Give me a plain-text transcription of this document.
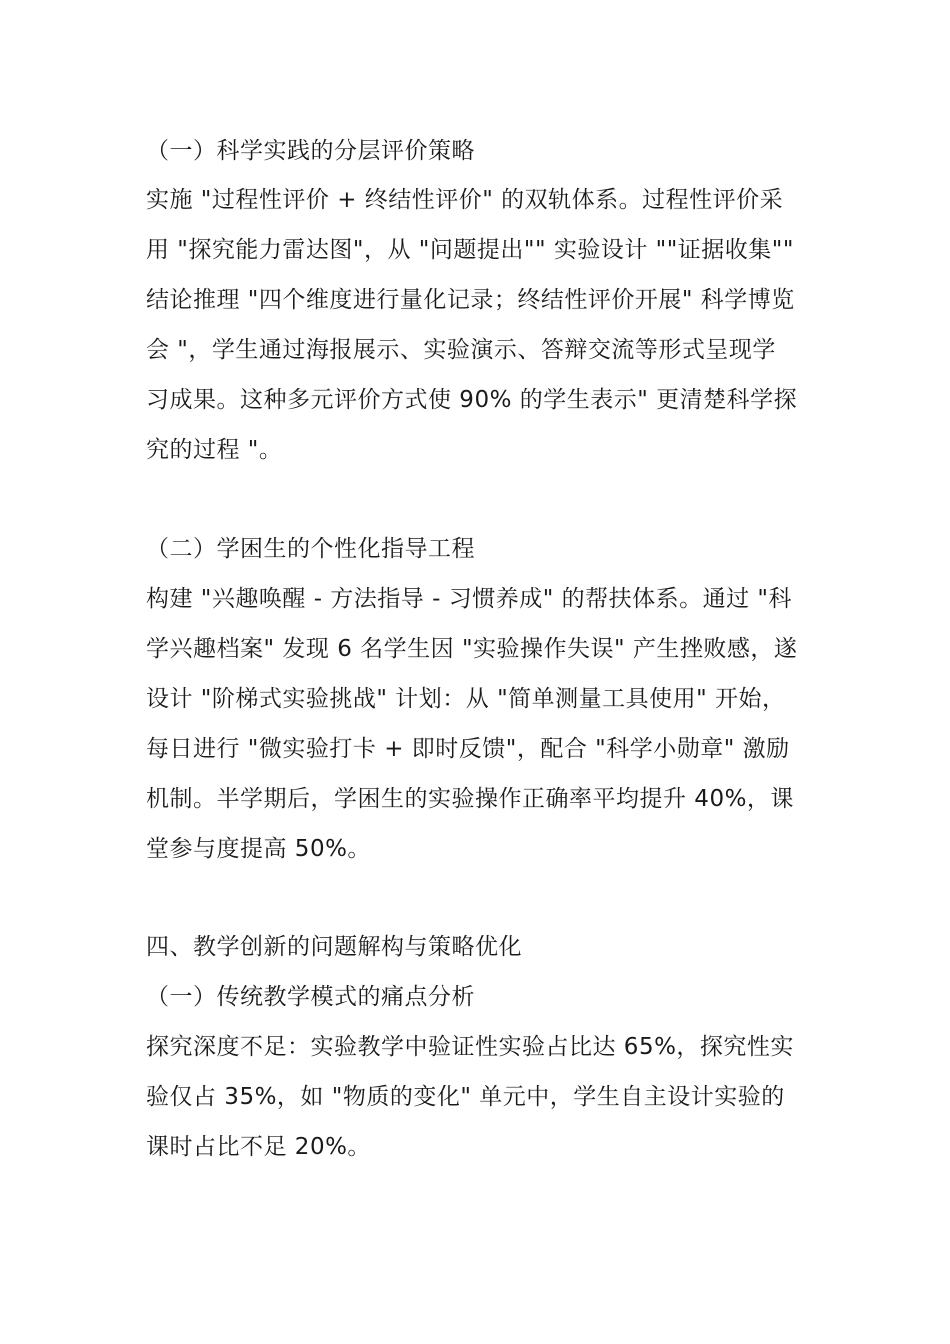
（一）科学实践的分层评价策略
实施 "过程性评价 + 终结性评价" 的双轨体系。过程性评价采
用 "探究能力雷达图"，从 "问题提出"" 实验设计 ""证据收集""
结论推理 "四个维度进行量化记录；终结性评价开展" 科学博览
会 "，学生通过海报展示、实验演示、答辩交流等形式呈现学
习成果。这种多元评价方式使 90% 的学生表示" 更清楚科学探
究的过程 "。
（二）学困生的个性化指导工程
构建 "兴趣唤醒 - 方法指导 - 习惯养成" 的帮扶体系。通过 "科
学兴趣档案" 发现 6 名学生因 "实验操作失误" 产生挫败感，遂
设计 "阶梯式实验挑战" 计划：从 "简单测量工具使用" 开始，
每日进行 "微实验打卡 + 即时反馈"，配合 "科学小勋章" 激励
机制。半学期后，学困生的实验操作正确率平均提升 40%，课
堂参与度提高 50%。
四、教学创新的问题解构与策略优化
（一）传统教学模式的痛点分析
探究深度不足：实验教学中验证性实验占比达 65%，探究性实
验仅占 35%，如 "物质的变化" 单元中，学生自主设计实验的
课时占比不足 20%。
